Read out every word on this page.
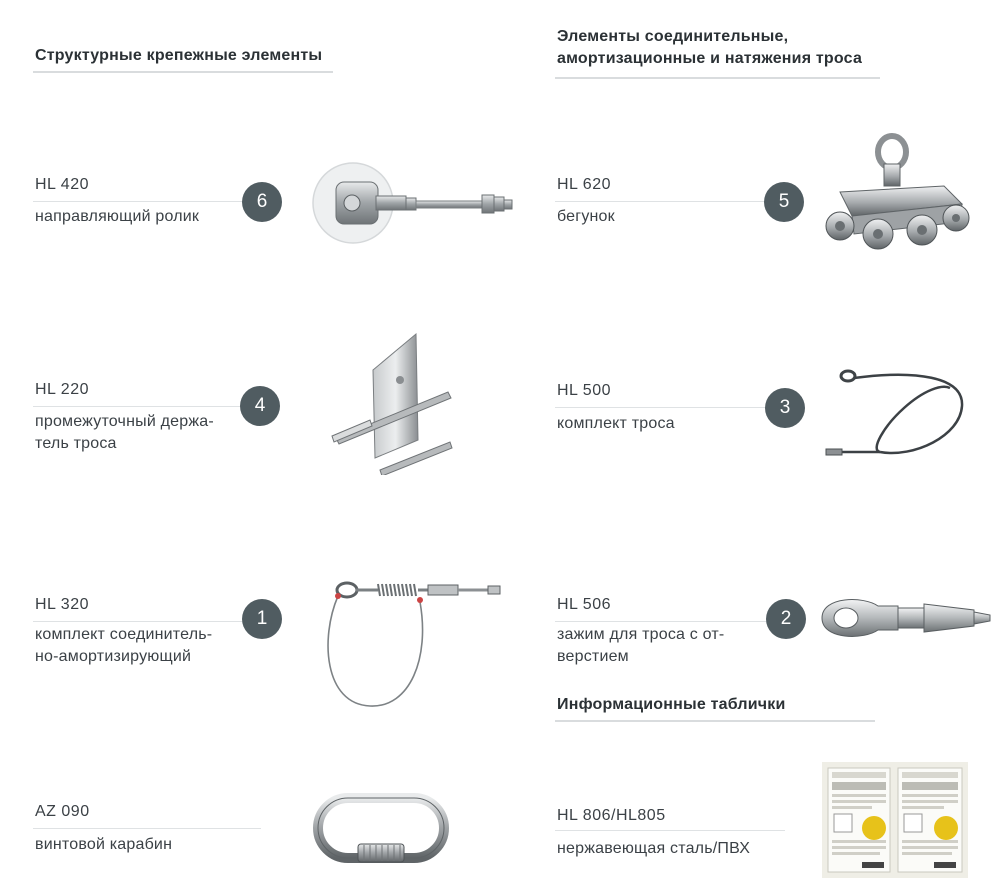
Структурные крепежные элементы
Элементы соединительные,
амортизационные и натяжения троса
Информационные таблички
HL 420
направляющий ролик
6
HL 620
бегунок
5
HL 220
промежуточный держа-
тель троса
4
HL 500
комплект троса
3
HL 320
комплект соединитель-
но-амортизирующий
1
HL 506
зажим для троса с от-
верстием
2
AZ 090
винтовой карабин
HL 806/HL805
нержавеющая сталь/ПВХ
